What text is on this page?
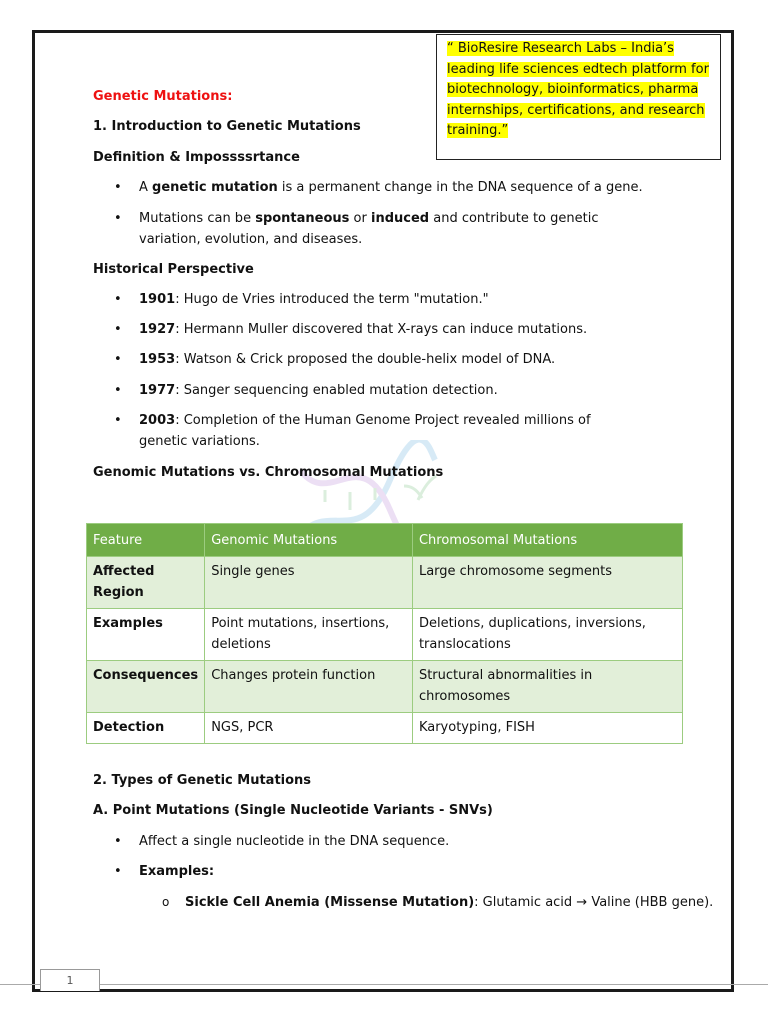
“ BioResire Research Labs – India’s leading life sciences edtech platform for biotechnology, bioinformatics, pharma internships, certifications, and research training.”

Genetic Mutations:

1. Introduction to Genetic Mutations

Definition & Impossssrtance

•	A genetic mutation is a permanent change in the DNA sequence of a gene.
•	Mutations can be spontaneous or induced and contribute to genetic variation, evolution, and diseases.

Historical Perspective

•	1901: Hugo de Vries introduced the term "mutation."
•	1927: Hermann Muller discovered that X-rays can induce mutations.
•	1953: Watson & Crick proposed the double-helix model of DNA.
•	1977: Sanger sequencing enabled mutation detection.
•	2003: Completion of the Human Genome Project revealed millions of genetic variations.

Genomic Mutations vs. Chromosomal Mutations

Feature	Genomic Mutations	Chromosomal Mutations
Affected Region	Single genes	Large chromosome segments
Examples	Point mutations, insertions, deletions	Deletions, duplications, inversions, translocations
Consequences	Changes protein function	Structural abnormalities in chromosomes
Detection	NGS, PCR	Karyotyping, FISH

2. Types of Genetic Mutations

A. Point Mutations (Single Nucleotide Variants - SNVs)

•	Affect a single nucleotide in the DNA sequence.
•	Examples:
o Sickle Cell Anemia (Missense Mutation): Glutamic acid → Valine (HBB gene).
1
